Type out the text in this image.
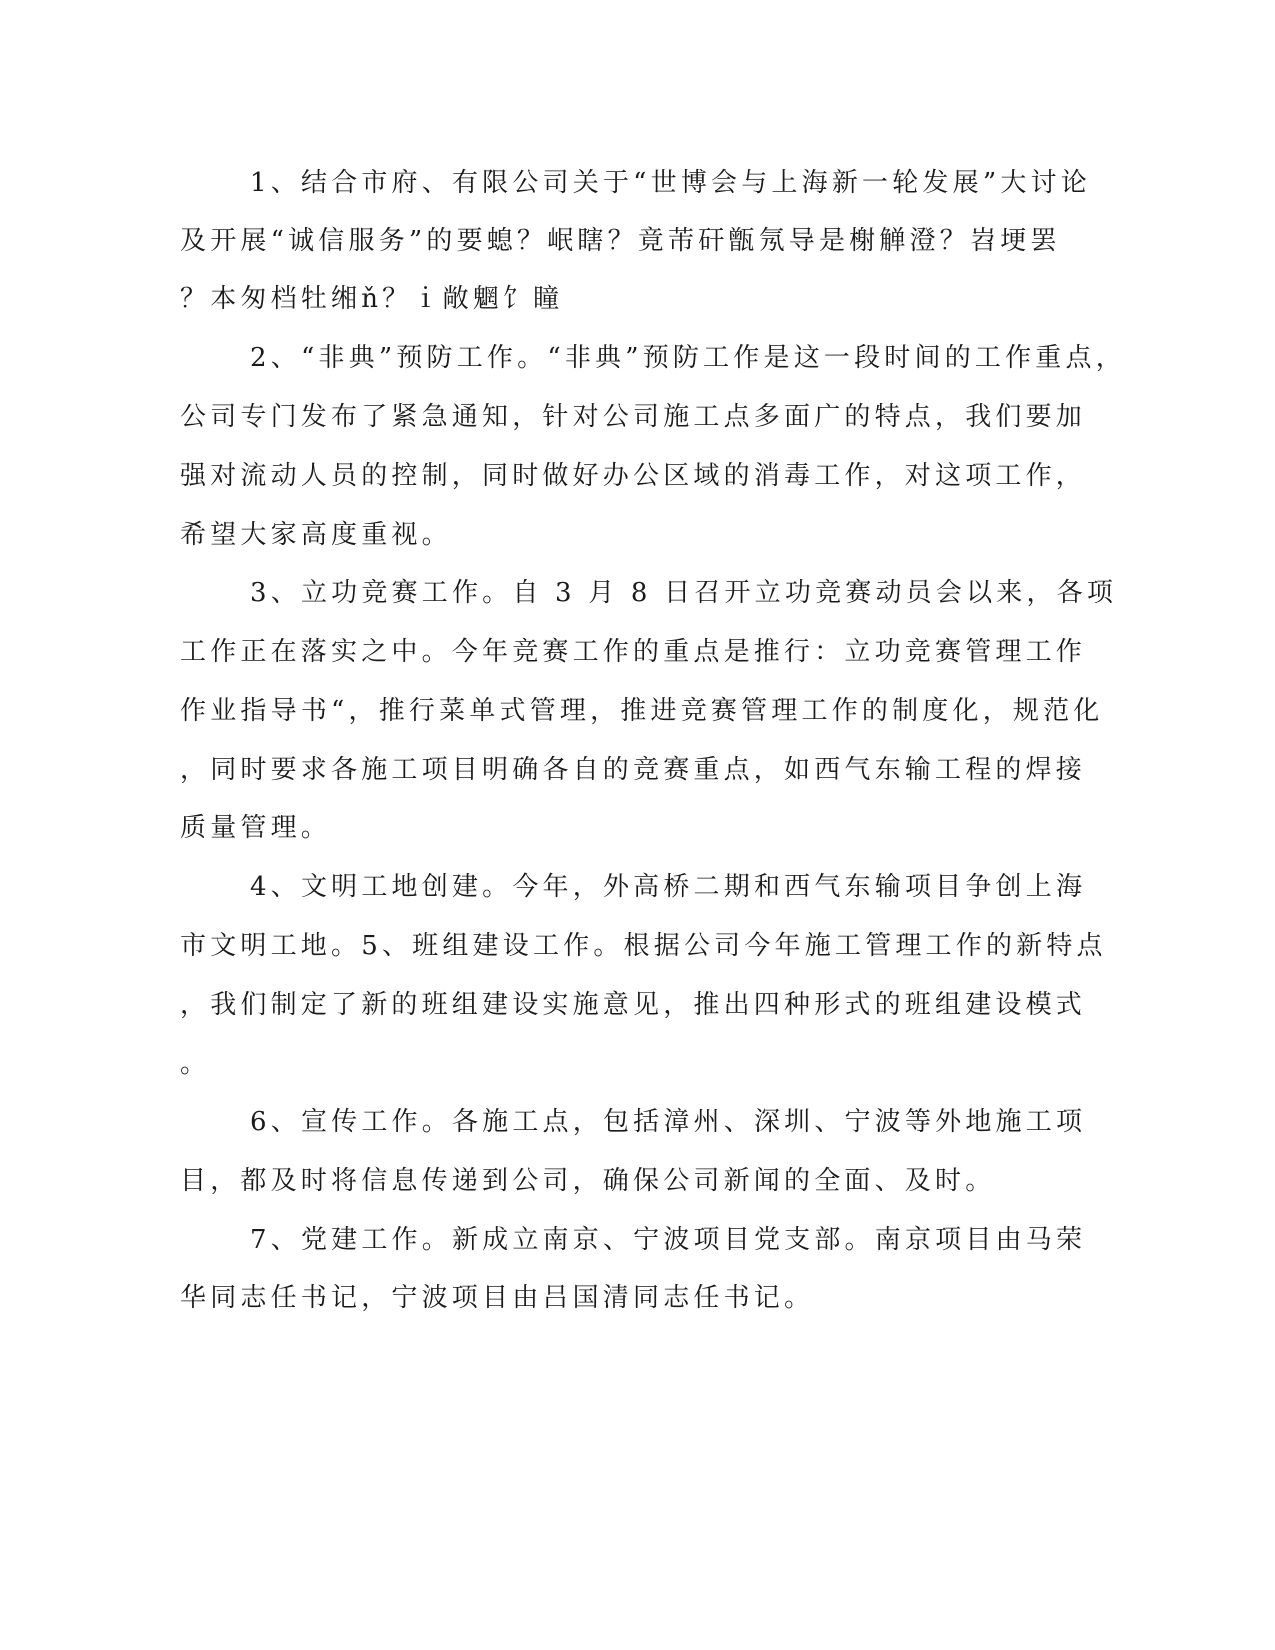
1、结合市府、有限公司关于“世博会与上海新一轮发展”大讨论
及开展“诚信服务”的要螅？岷瞎？竟芾矸甑氖导是榭觯澄？岧埂罢
？本匆档牡缃ň？ｉ敞魍饣瞳
2、“非典”预防工作。“非典”预防工作是这一段时间的工作重点，
公司专门发布了紧急通知，针对公司施工点多面广的特点，我们要加
强对流动人员的控制，同时做好办公区域的消毒工作，对这项工作，
希望大家高度重视。
3、立功竞赛工作。自 3 月 8 日召开立功竞赛动员会以来，各项
工作正在落实之中。今年竞赛工作的重点是推行：立功竞赛管理工作
作业指导书“，推行菜单式管理，推进竞赛管理工作的制度化，规范化
，同时要求各施工项目明确各自的竞赛重点，如西气东输工程的焊接
质量管理。
4、文明工地创建。今年，外高桥二期和西气东输项目争创上海
市文明工地。5、班组建设工作。根据公司今年施工管理工作的新特点
，我们制定了新的班组建设实施意见，推出四种形式的班组建设模式
。
6、宣传工作。各施工点，包括漳州、深圳、宁波等外地施工项
目，都及时将信息传递到公司，确保公司新闻的全面、及时。
7、党建工作。新成立南京、宁波项目党支部。南京项目由马荣
华同志任书记，宁波项目由吕国清同志任书记。
